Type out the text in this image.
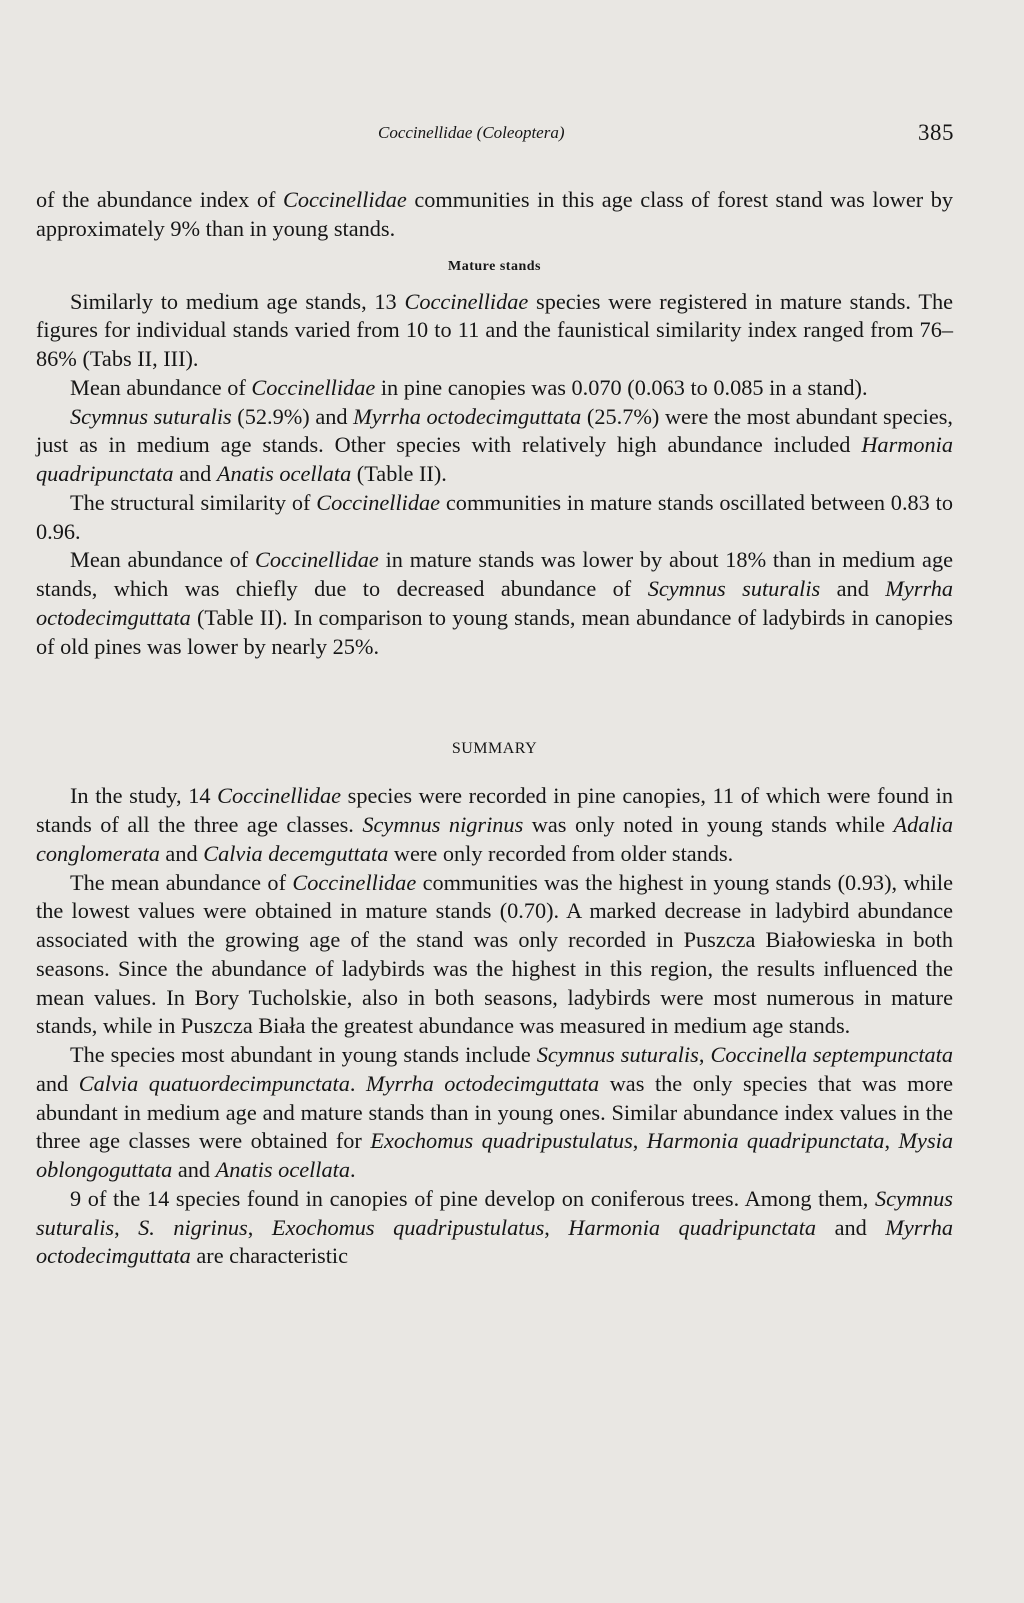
Coccinellidae (Coleoptera)	385

of the abundance index of Coccinellidae communities in this age class of forest stand was lower by approximately 9% than in young stands.

Mature stands

Similarly to medium age stands, 13 Coccinellidae species were registered in mature stands. The figures for individual stands varied from 10 to 11 and the faunistical similarity index ranged from 76–86% (Tabs II, III).

Mean abundance of Coccinellidae in pine canopies was 0.070 (0.063 to 0.085 in a stand).

Scymnus suturalis (52.9%) and Myrrha octodecimguttata (25.7%) were the most abundant species, just as in medium age stands. Other species with relatively high abundance included Harmonia quadripunctata and Anatis ocellata (Table II).

The structural similarity of Coccinellidae communities in mature stands oscillated between 0.83 to 0.96.

Mean abundance of Coccinellidae in mature stands was lower by about 18% than in medium age stands, which was chiefly due to decreased abundance of Scymnus suturalis and Myrrha octodecimguttata (Table II). In comparison to young stands, mean abundance of ladybirds in canopies of old pines was lower by nearly 25%.

SUMMARY

In the study, 14 Coccinellidae species were recorded in pine canopies, 11 of which were found in stands of all the three age classes. Scymnus nigrinus was only noted in young stands while Adalia conglomerata and Calvia decemguttata were only recorded from older stands.

The mean abundance of Coccinellidae communities was the highest in young stands (0.93), while the lowest values were obtained in mature stands (0.70). A marked decrease in ladybird abundance associated with the growing age of the stand was only recorded in Puszcza Białowieska in both seasons. Since the abundance of ladybirds was the highest in this region, the results influenced the mean values. In Bory Tucholskie, also in both seasons, ladybirds were most numerous in mature stands, while in Puszcza Biała the greatest abundance was measured in medium age stands.

The species most abundant in young stands include Scymnus suturalis, Coccinella septempunctata and Calvia quatuordecimpunctata. Myrrha octodecimguttata was the only species that was more abundant in medium age and mature stands than in young ones. Similar abundance index values in the three age classes were obtained for Exochomus quadripustulatus, Harmonia quadripunctata, Mysia oblongoguttata and Anatis ocellata.

9 of the 14 species found in canopies of pine develop on coniferous trees. Among them, Scymnus suturalis, S. nigrinus, Exochomus quadripustulatus, Harmonia quadripunctata and Myrrha octodecimguttata are characteristic
